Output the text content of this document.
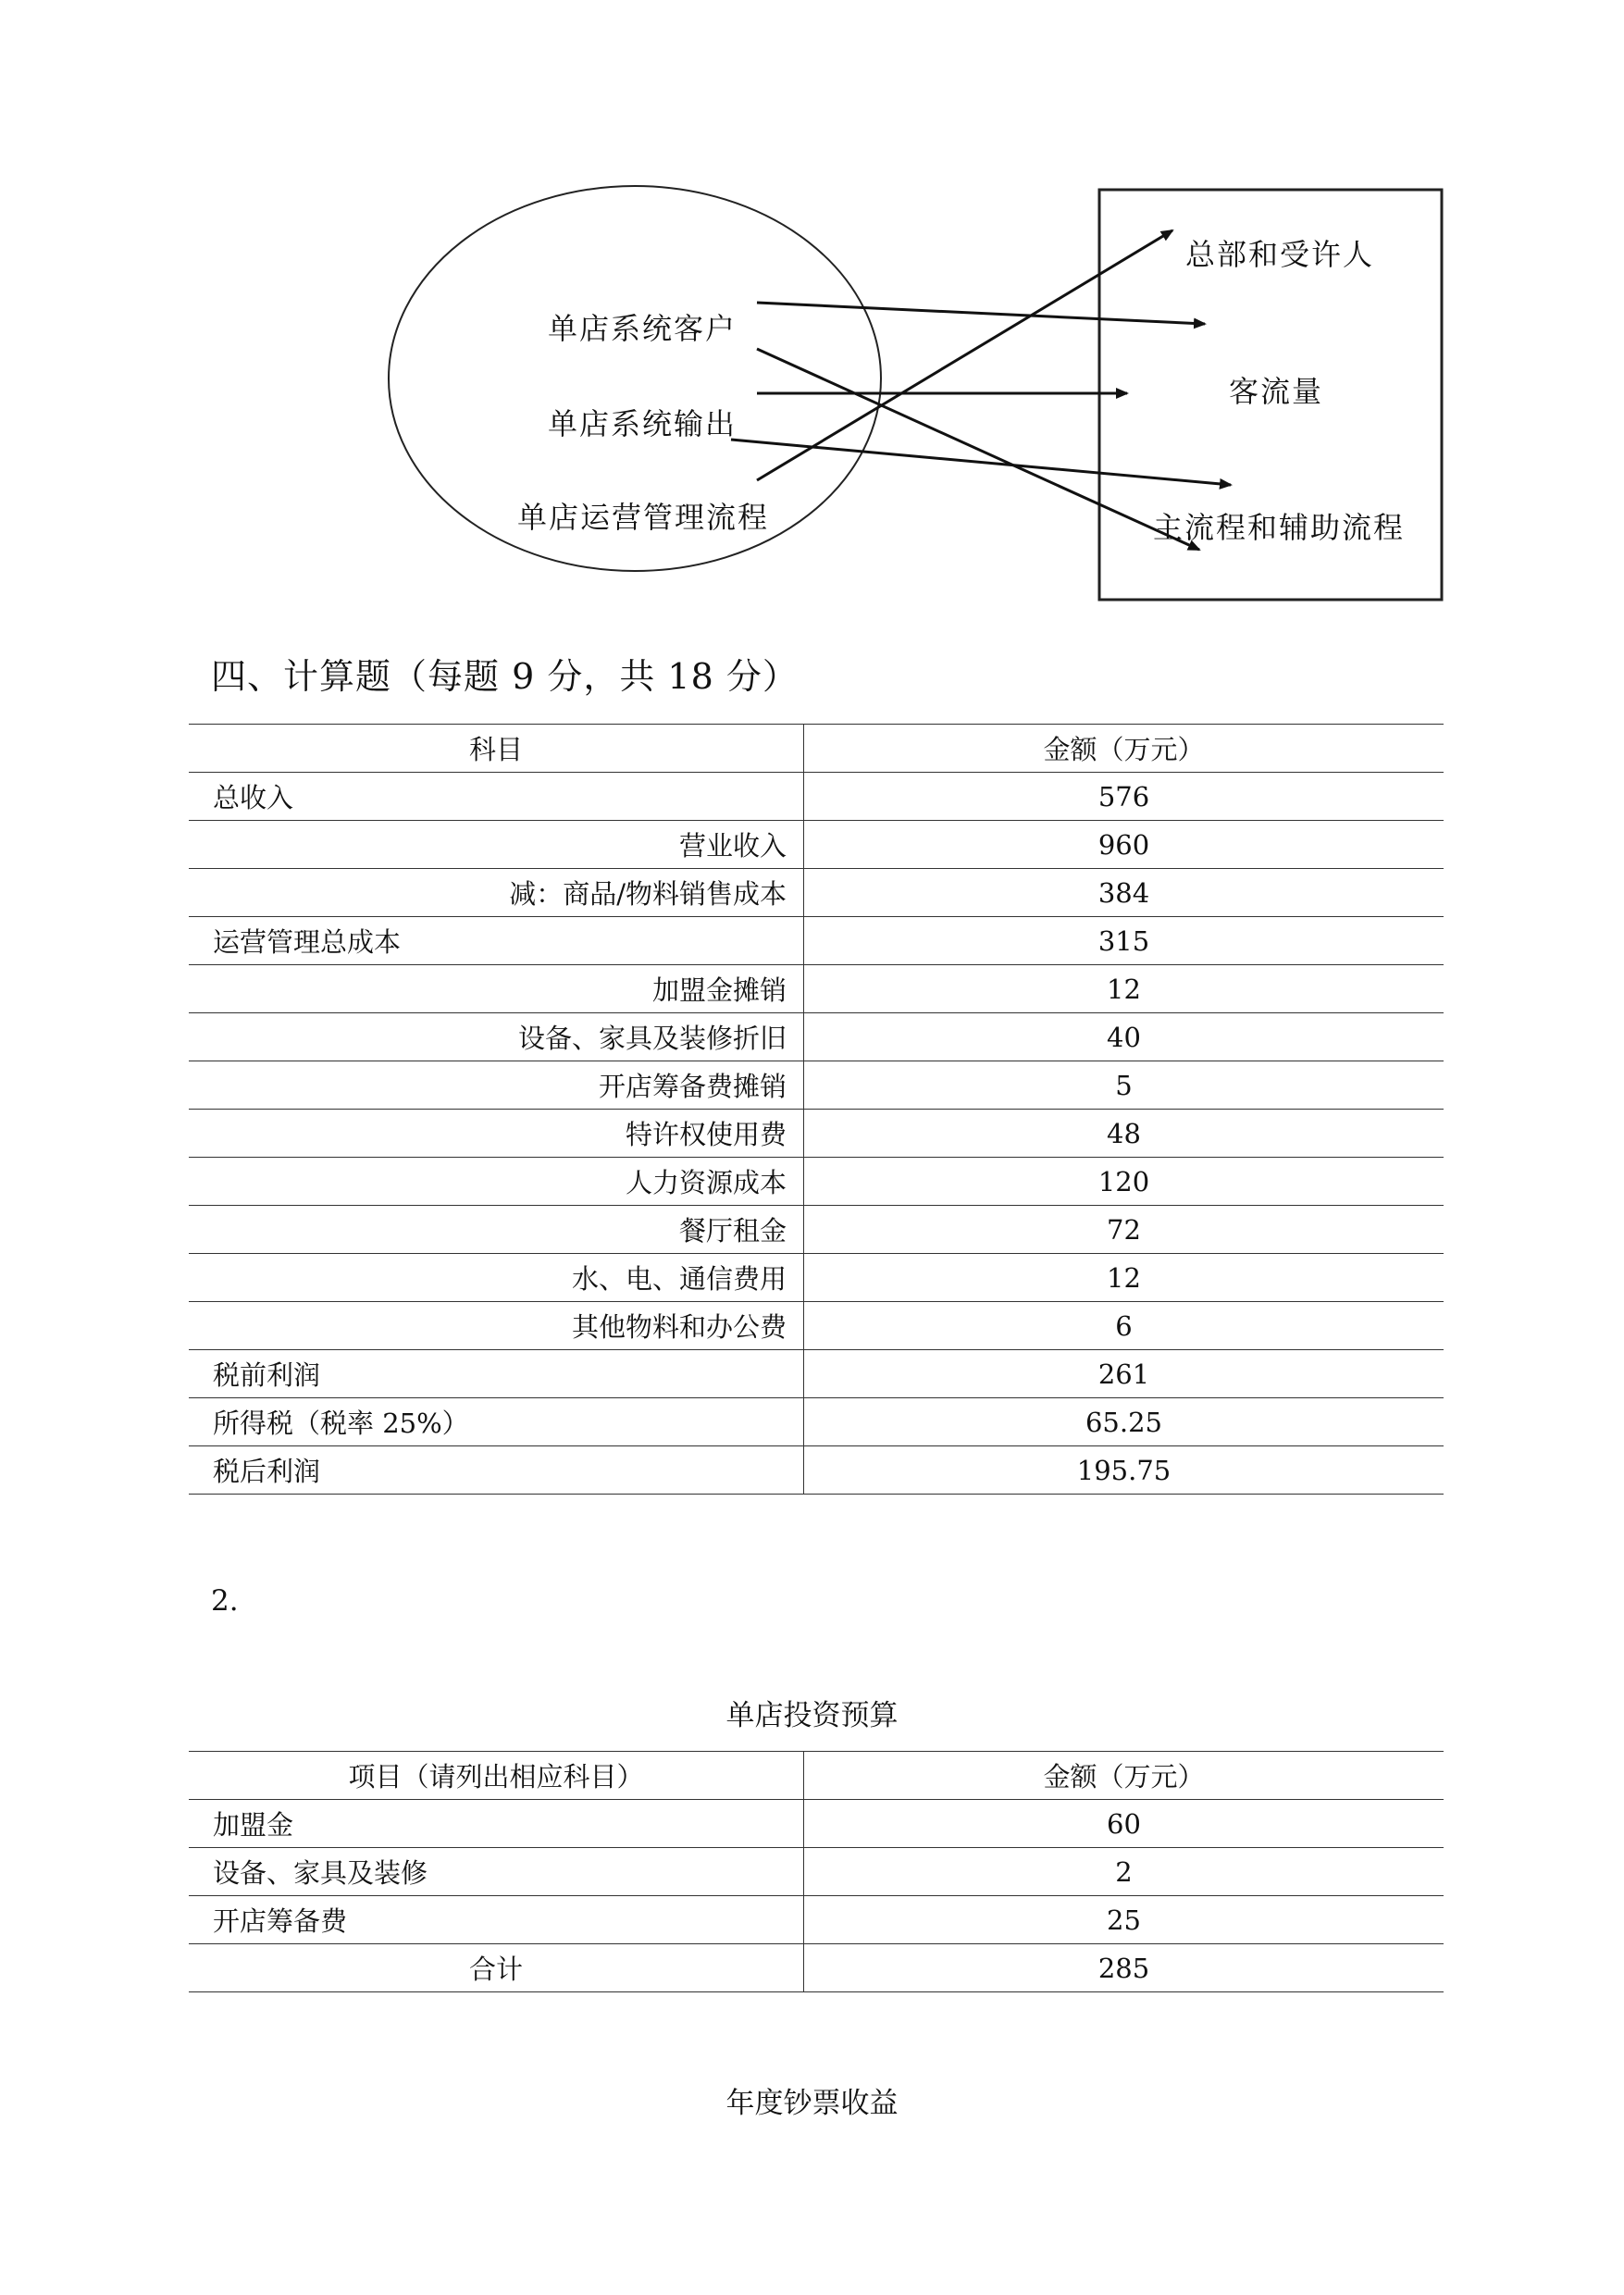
单店系统客户
单店系统输出
单店运营管理流程
总部和受许人
客流量
主流程和辅助流程
四、计算题（每题 9 分，共 18 分）
科目	金额（万元）
总收入	576
营业收入	960
减：商品/物料销售成本	384
运营管理总成本	315
加盟金摊销	12
设备、家具及装修折旧	40
开店筹备费摊销	5
特许权使用费	48
人力资源成本	120
餐厅租金	72
水、电、通信费用	12
其他物料和办公费	6
税前利润	261
所得税（税率 25%）	65.25
税后利润	195.75
2.
单店投资预算
项目（请列出相应科目）	金额（万元）
加盟金	60
设备、家具及装修	2
开店筹备费	25
合计	285
年度钞票收益
